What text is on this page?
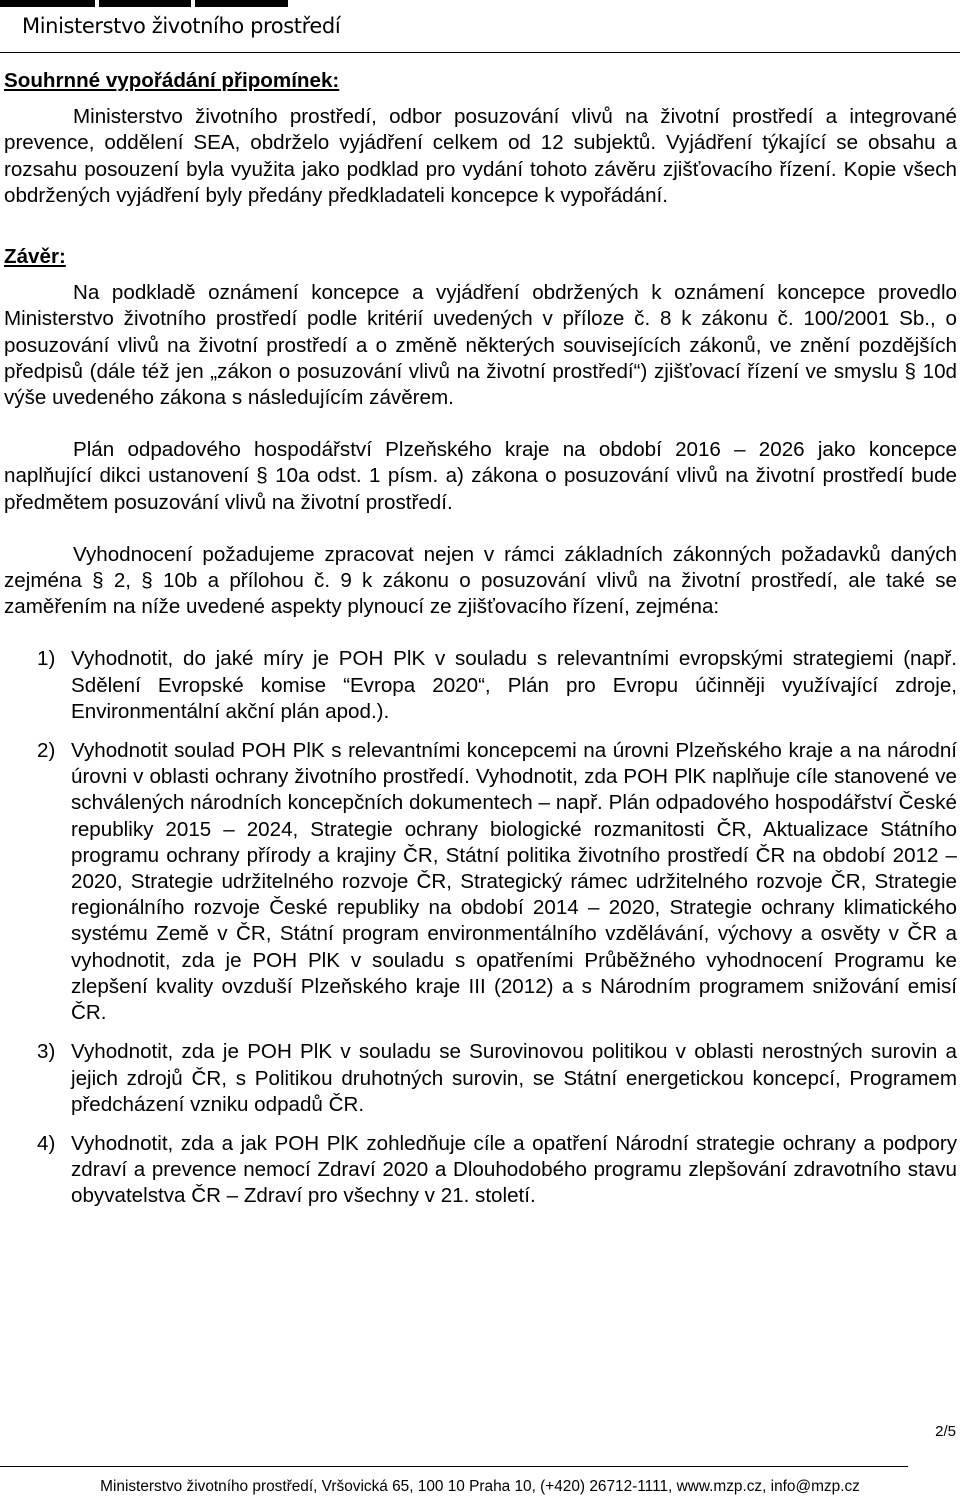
Ministerstvo životního prostředí

Souhrnné vypořádání připomínek:

Ministerstvo životního prostředí, odbor posuzování vlivů na životní prostředí a integrované prevence, oddělení SEA, obdrželo vyjádření celkem od 12 subjektů. Vyjádření týkající se obsahu a rozsahu posouzení byla využita jako podklad pro vydání tohoto závěru zjišťovacího řízení. Kopie všech obdržených vyjádření byly předány předkladateli koncepce k vypořádání.

Závěr:

Na podkladě oznámení koncepce a vyjádření obdržených k oznámení koncepce provedlo Ministerstvo životního prostředí podle kritérií uvedených v příloze č. 8 k zákonu č. 100/2001 Sb., o posuzování vlivů na životní prostředí a o změně některých souvisejících zákonů, ve znění pozdějších předpisů (dále též jen „zákon o posuzování vlivů na životní prostředí“) zjišťovací řízení ve smyslu § 10d výše uvedeného zákona s následujícím závěrem.

Plán odpadového hospodářství Plzeňského kraje na období 2016 – 2026 jako koncepce naplňující dikci ustanovení § 10a odst. 1 písm. a) zákona o posuzování vlivů na životní prostředí bude předmětem posuzování vlivů na životní prostředí.

Vyhodnocení požadujeme zpracovat nejen v rámci základních zákonných požadavků daných zejména § 2, § 10b a přílohou č. 9 k zákonu o posuzování vlivů na životní prostředí, ale také se zaměřením na níže uvedené aspekty plynoucí ze zjišťovacího řízení, zejména:

1) Vyhodnotit, do jaké míry je POH PlK v souladu s relevantními evropskými strategiemi (např. Sdělení Evropské komise “Evropa 2020“, Plán pro Evropu účinněji využívající zdroje, Environmentální akční plán apod.).
2) Vyhodnotit soulad POH PlK s relevantními koncepcemi na úrovni Plzeňského kraje a na národní úrovni v oblasti ochrany životního prostředí. Vyhodnotit, zda POH PlK naplňuje cíle stanovené ve schválených národních koncepčních dokumentech – např. Plán odpadového hospodářství České republiky 2015 – 2024, Strategie ochrany biologické rozmanitosti ČR, Aktualizace Státního programu ochrany přírody a krajiny ČR, Státní politika životního prostředí ČR na období 2012 – 2020, Strategie udržitelného rozvoje ČR, Strategický rámec udržitelného rozvoje ČR, Strategie regionálního rozvoje České republiky na období 2014 – 2020, Strategie ochrany klimatického systému Země v ČR, Státní program environmentálního vzdělávání, výchovy a osvěty v ČR a vyhodnotit, zda je POH PlK v souladu s opatřeními Průběžného vyhodnocení Programu ke zlepšení kvality ovzduší Plzeňského kraje III (2012) a s Národním programem snižování emisí ČR.
3) Vyhodnotit, zda je POH PlK v souladu se Surovinovou politikou v oblasti nerostných surovin a jejich zdrojů ČR, s Politikou druhotných surovin, se Státní energetickou koncepcí, Programem předcházení vzniku odpadů ČR.
4) Vyhodnotit, zda a jak POH PlK zohledňuje cíle a opatření Národní strategie ochrany a podpory zdraví a prevence nemocí Zdraví 2020 a Dlouhodobého programu zlepšování zdravotního stavu obyvatelstva ČR – Zdraví pro všechny v 21. století.
2/5
Ministerstvo životního prostředí, Vršovická 65, 100 10 Praha 10, (+420) 26712-1111, www.mzp.cz, info@mzp.cz
